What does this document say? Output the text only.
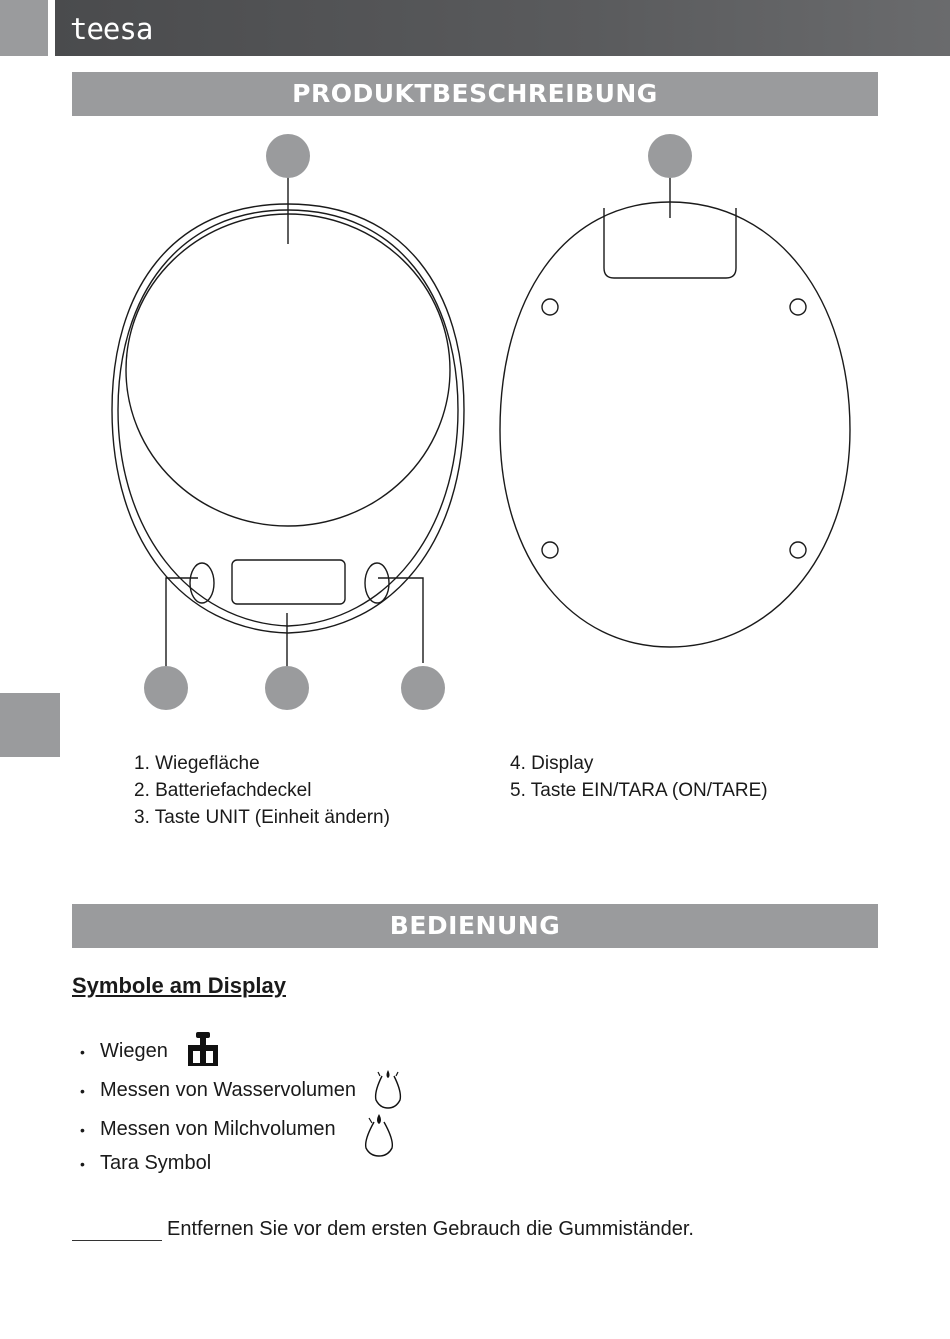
teesa
PRODUKTBESCHREIBUNG
1. Wiegefläche
2. Batteriefachdeckel
3. Taste UNIT (Einheit ändern)
4. Display
5. Taste EIN/TARA (ON/TARE)
BEDIENUNG
Symbole am Display
• Wiegen
• Messen von Wasservolumen
• Messen von Milchvolumen
• Tara Symbol
Entfernen Sie vor dem ersten Gebrauch die Gummiständer.
